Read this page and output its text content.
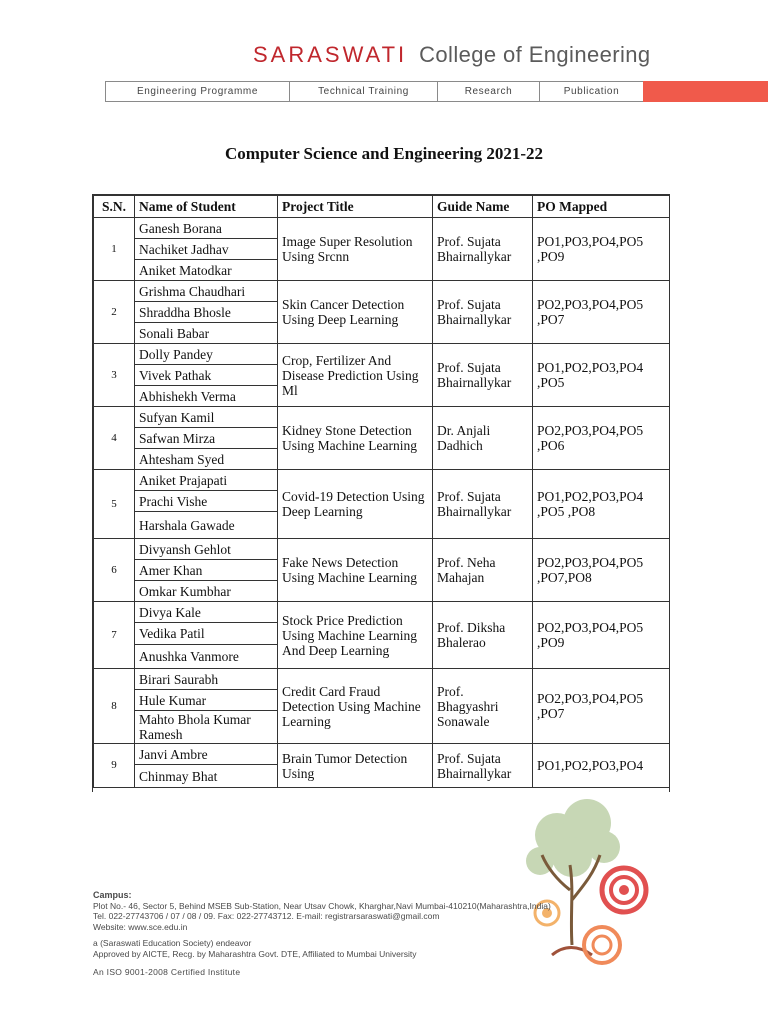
SARASWATI College of Engineering
Engineering Programme	Technical Training	Research	Publication
Computer Science and Engineering 2021-22
S.N.	Name of Student	Project Title	Guide Name	PO Mapped
1	Ganesh Borana	Image Super Resolution Using Srcnn	Prof. Sujata Bhairnallykar	PO1,PO3,PO4,PO5 ,PO9
	Nachiket Jadhav			
	Aniket Matodkar			
2	Grishma Chaudhari	Skin Cancer Detection Using Deep Learning	Prof. Sujata Bhairnallykar	PO2,PO3,PO4,PO5 ,PO7
	Shraddha Bhosle			
	Sonali Babar			
3	Dolly Pandey	Crop, Fertilizer And Disease Prediction Using Ml	Prof. Sujata Bhairnallykar	PO1,PO2,PO3,PO4 ,PO5
	Vivek Pathak			
	Abhishekh Verma			
4	Sufyan Kamil	Kidney Stone Detection Using Machine Learning	Dr. Anjali Dadhich	PO2,PO3,PO4,PO5 ,PO6
	Safwan Mirza			
	Ahtesham Syed			
5	Aniket Prajapati	Covid-19 Detection Using Deep Learning	Prof. Sujata Bhairnallykar	PO1,PO2,PO3,PO4 ,PO5 ,PO8
	Prachi Vishe			
	Harshala Gawade			
6	Divyansh Gehlot	Fake News Detection Using Machine Learning	Prof. Neha Mahajan	PO2,PO3,PO4,PO5 ,PO7,PO8
	Amer Khan			
	Omkar Kumbhar			
7	Divya Kale	Stock Price Prediction Using Machine Learning And Deep Learning	Prof. Diksha Bhalerao	PO2,PO3,PO4,PO5 ,PO9
	Vedika Patil			
	Anushka Vanmore			
8	Birari Saurabh	Credit Card Fraud Detection Using Machine Learning	Prof. Bhagyashri Sonawale	PO2,PO3,PO4,PO5 ,PO7
	Hule Kumar			
	Mahto Bhola Kumar Ramesh			
9	Janvi Ambre	Brain Tumor Detection Using	Prof. Sujata Bhairnallykar	PO1,PO2,PO3,PO4
	Chinmay Bhat			
Campus:
Plot No.- 46, Sector 5, Behind MSEB Sub-Station, Near Utsav Chowk, Kharghar,Navi Mumbai-410210(Maharashtra,India)
Tel. 022-27743706 / 07 / 08 / 09. Fax: 022-27743712. E-mail: registrarsaraswati@gmail.com
Website: www.sce.edu.in
a (Saraswati Education Society) endeavor
Approved by AICTE, Recg. by Maharashtra Govt. DTE, Affiliated to Mumbai University
An ISO 9001-2008 Certified Institute
